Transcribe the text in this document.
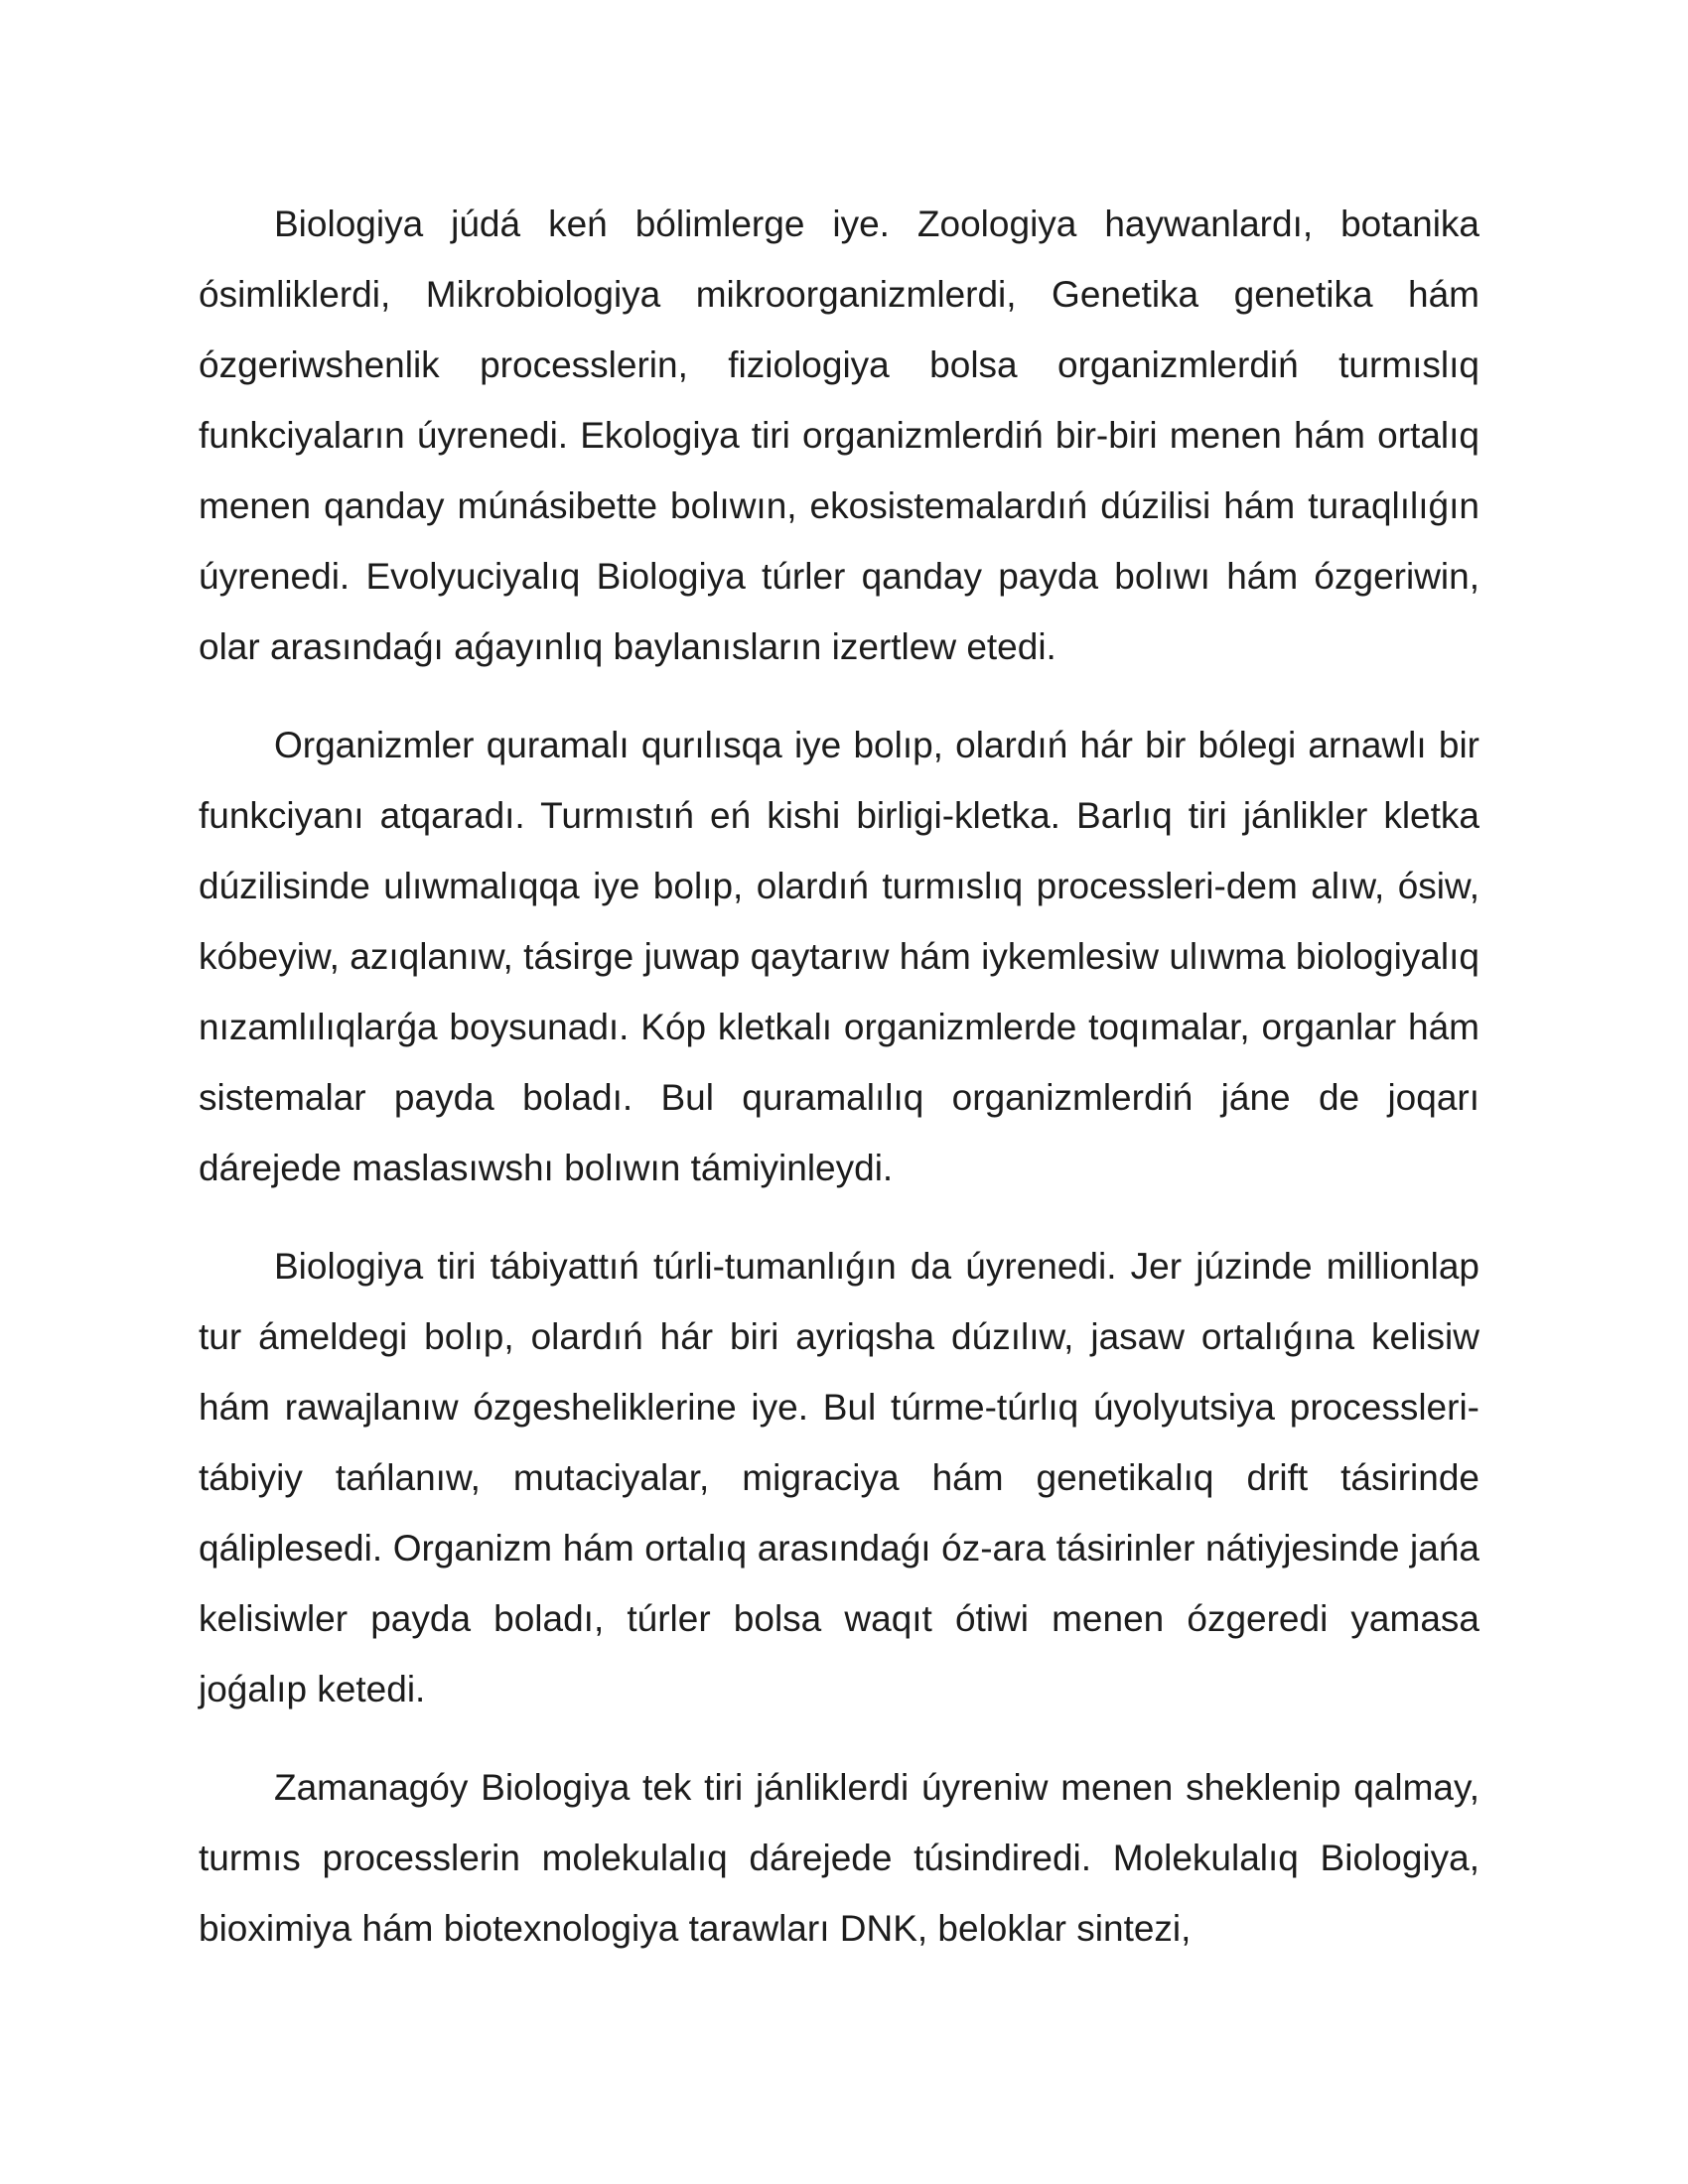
Biologiya júdá keń bólimlerge iye. Zoologiya haywanlardı, botanika ósimliklerdi, Mikrobiologiya mikroorganizmlerdi, Genetika genetika hám ózgeriwshenlik processlerin, fiziologiya bolsa organizmlerdiń turmıslıq funkciyaların úyrenedi. Ekologiya tiri organizmlerdiń bir-biri menen hám ortalıq menen qanday múnásibette bolıwın, ekosistemalardıń dúzilisi hám turaqlılıǵın úyrenedi. Evolyuciyalıq Biologiya túrler qanday payda bolıwı hám ózgeriwin, olar arasındaǵı aǵayınlıq baylanısların izertlew etedi.

Organizmler quramalı qurılısqa iye bolıp, olardıń hár bir bólegi arnawlı bir funkciyanı atqaradı. Turmıstıń eń kishi birligi-kletka. Barlıq tiri jánlikler kletka dúzilisinde ulıwmalıqqa iye bolıp, olardıń turmıslıq processleri-dem alıw, ósiw, kóbeyiw, azıqlanıw, tásirge juwap qaytarıw hám iykemlesiw ulıwma biologiyalıq nızamlılıqlarǵa boysunadı. Kóp kletkalı organizmlerde toqımalar, organlar hám sistemalar payda boladı. Bul quramalılıq organizmlerdiń jáne de joqarı dárejede maslasıwshı bolıwın támiyinleydi.

Biologiya tiri tábiyattıń túrli-tumanlıǵın da úyrenedi. Jer júzinde millionlap tur ámeldegi bolıp, olardıń hár biri ayriqsha dúzılıw, jasaw ortalıǵına kelisiw hám rawajlanıw ózgesheliklerine iye. Bul túrme-túrlıq úyolyutsiya processleri-tábiyiy tańlanıw, mutaciyalar, migraciya hám genetikalıq drift tásirinde qáliplesedi. Organizm hám ortalıq arasındaǵı óz-ara tásirinler nátiyjesinde jańa kelisiwler payda boladı, túrler bolsa waqıt ótiwi menen ózgeredi yamasa joǵalıp ketedi.

Zamanagóy Biologiya tek tiri jánliklerdi úyreniw menen sheklenip qalmay, turmıs processlerin molekulalıq dárejede túsindiredi. Molekulalıq Biologiya, bioximiya hám biotexnologiya tarawları DNK, beloklar sintezi,
